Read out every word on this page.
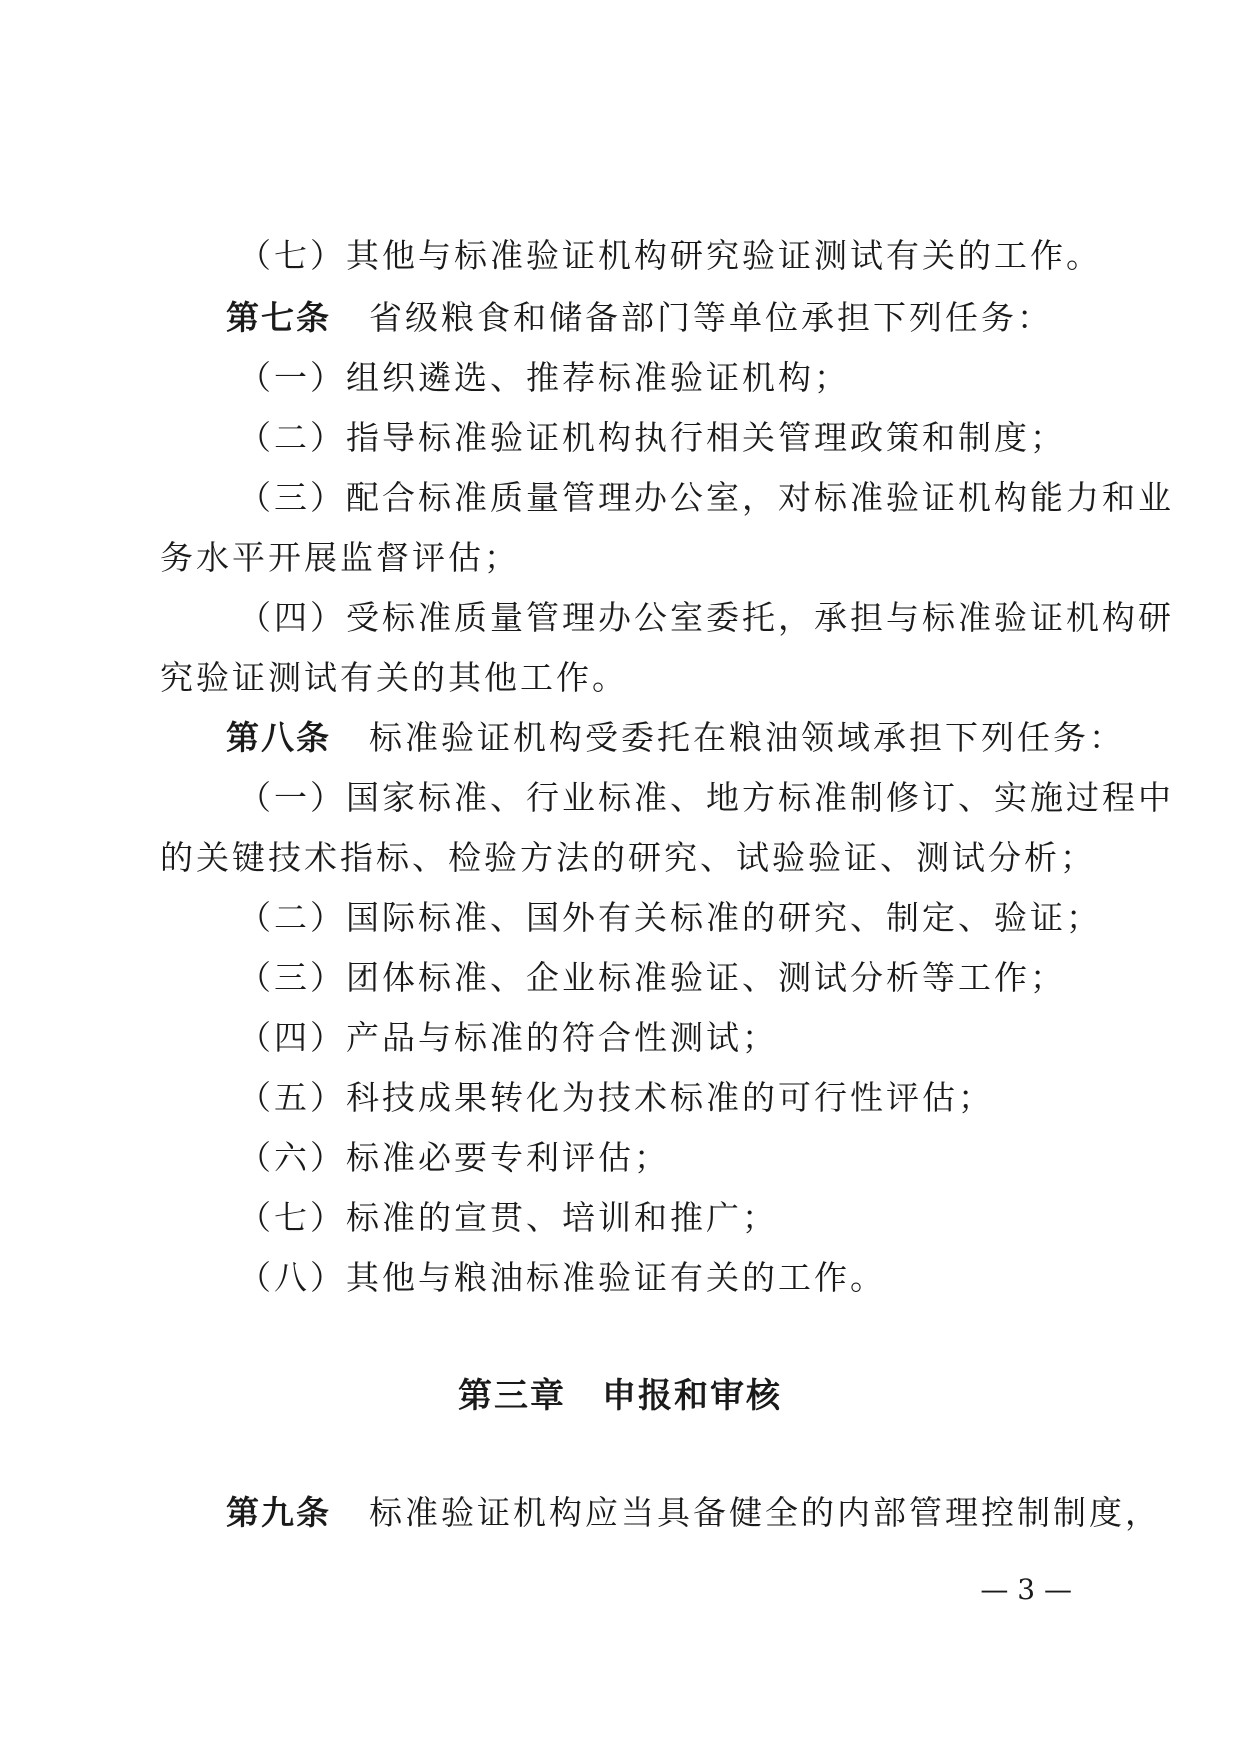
（七）其他与标准验证机构研究验证测试有关的工作。
第七条 省级粮食和储备部门等单位承担下列任务：
（一）组织遴选、推荐标准验证机构；
（二）指导标准验证机构执行相关管理政策和制度；
（三）配合标准质量管理办公室，对标准验证机构能力和业
务水平开展监督评估；
（四）受标准质量管理办公室委托，承担与标准验证机构研
究验证测试有关的其他工作。
第八条 标准验证机构受委托在粮油领域承担下列任务：
（一）国家标准、行业标准、地方标准制修订、实施过程中
的关键技术指标、检验方法的研究、试验验证、测试分析；
（二）国际标准、国外有关标准的研究、制定、验证；
（三）团体标准、企业标准验证、测试分析等工作；
（四）产品与标准的符合性测试；
（五）科技成果转化为技术标准的可行性评估；
（六）标准必要专利评估；
（七）标准的宣贯、培训和推广；
（八）其他与粮油标准验证有关的工作。
第三章　申报和审核
第九条 标准验证机构应当具备健全的内部管理控制制度，
— 3 —
